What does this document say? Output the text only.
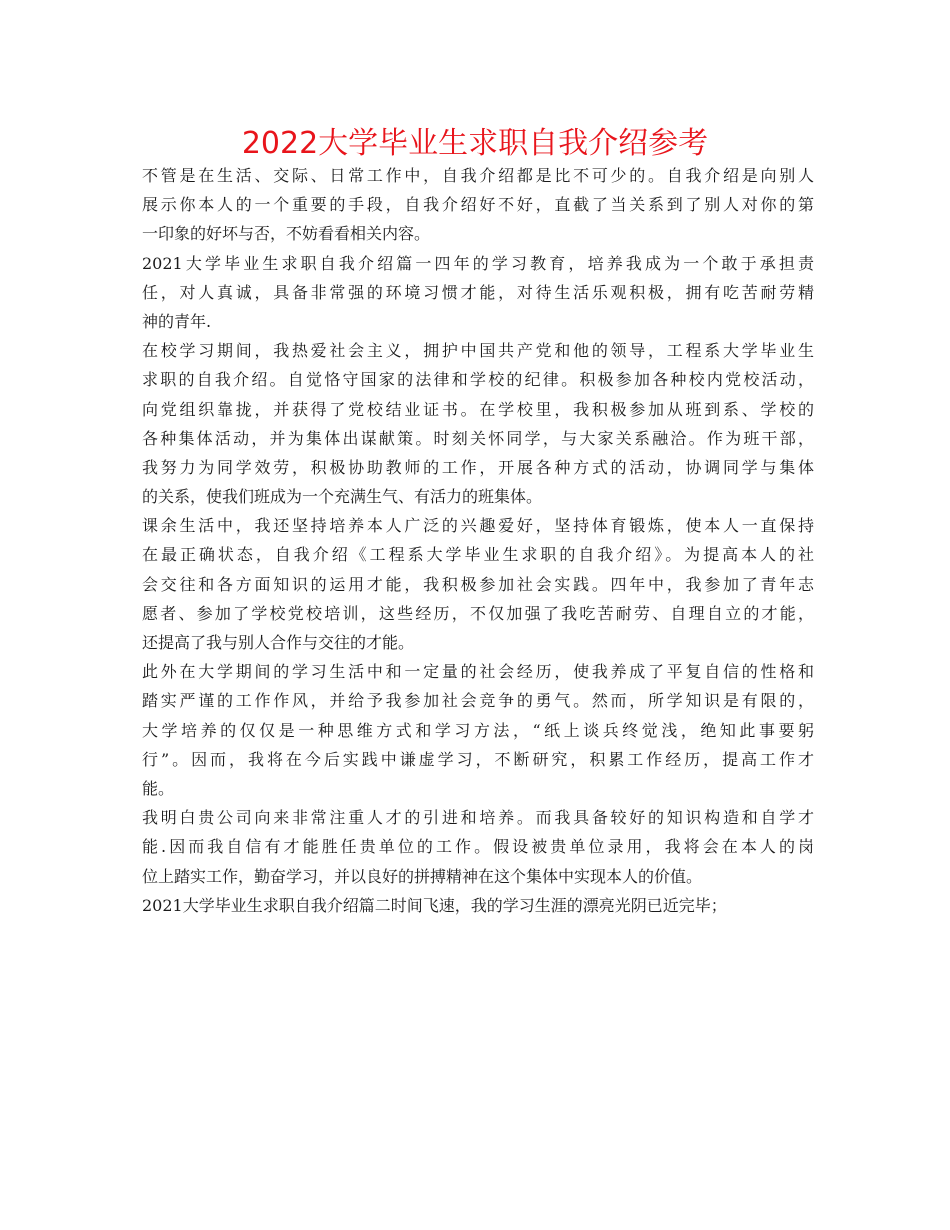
2022大学毕业生求职自我介绍参考
不管是在生活、交际、日常工作中，自我介绍都是比不可少的。自我介绍是向别人
展示你本人的一个重要的手段，自我介绍好不好，直截了当关系到了别人对你的第
一印象的好坏与否，不妨看看相关内容。
2021大学毕业生求职自我介绍篇一四年的学习教育，培养我成为一个敢于承担责
任，对人真诚，具备非常强的环境习惯才能，对待生活乐观积极，拥有吃苦耐劳精
神的青年.
在校学习期间，我热爱社会主义，拥护中国共产党和他的领导，工程系大学毕业生
求职的自我介绍。自觉恪守国家的法律和学校的纪律。积极参加各种校内党校活动，
向党组织靠拢，并获得了党校结业证书。在学校里，我积极参加从班到系、学校的
各种集体活动，并为集体出谋献策。时刻关怀同学，与大家关系融洽。作为班干部，
我努力为同学效劳，积极协助教师的工作，开展各种方式的活动，协调同学与集体
的关系，使我们班成为一个充满生气、有活力的班集体。
课余生活中，我还坚持培养本人广泛的兴趣爱好，坚持体育锻炼，使本人一直保持
在最正确状态，自我介绍《工程系大学毕业生求职的自我介绍》。为提高本人的社
会交往和各方面知识的运用才能，我积极参加社会实践。四年中，我参加了青年志
愿者、参加了学校党校培训，这些经历，不仅加强了我吃苦耐劳、自理自立的才能，
还提高了我与别人合作与交往的才能。
此外在大学期间的学习生活中和一定量的社会经历，使我养成了平复自信的性格和
踏实严谨的工作作风，并给予我参加社会竞争的勇气。然而，所学知识是有限的，
大学培养的仅仅是一种思维方式和学习方法，“纸上谈兵终觉浅，绝知此事要躬
行”。因而，我将在今后实践中谦虚学习，不断研究，积累工作经历，提高工作才
能。
我明白贵公司向来非常注重人才的引进和培养。而我具备较好的知识构造和自学才
能.因而我自信有才能胜任贵单位的工作。假设被贵单位录用，我将会在本人的岗
位上踏实工作，勤奋学习，并以良好的拼搏精神在这个集体中实现本人的价值。
2021大学毕业生求职自我介绍篇二时间飞速，我的学习生涯的漂亮光阴已近完毕；
